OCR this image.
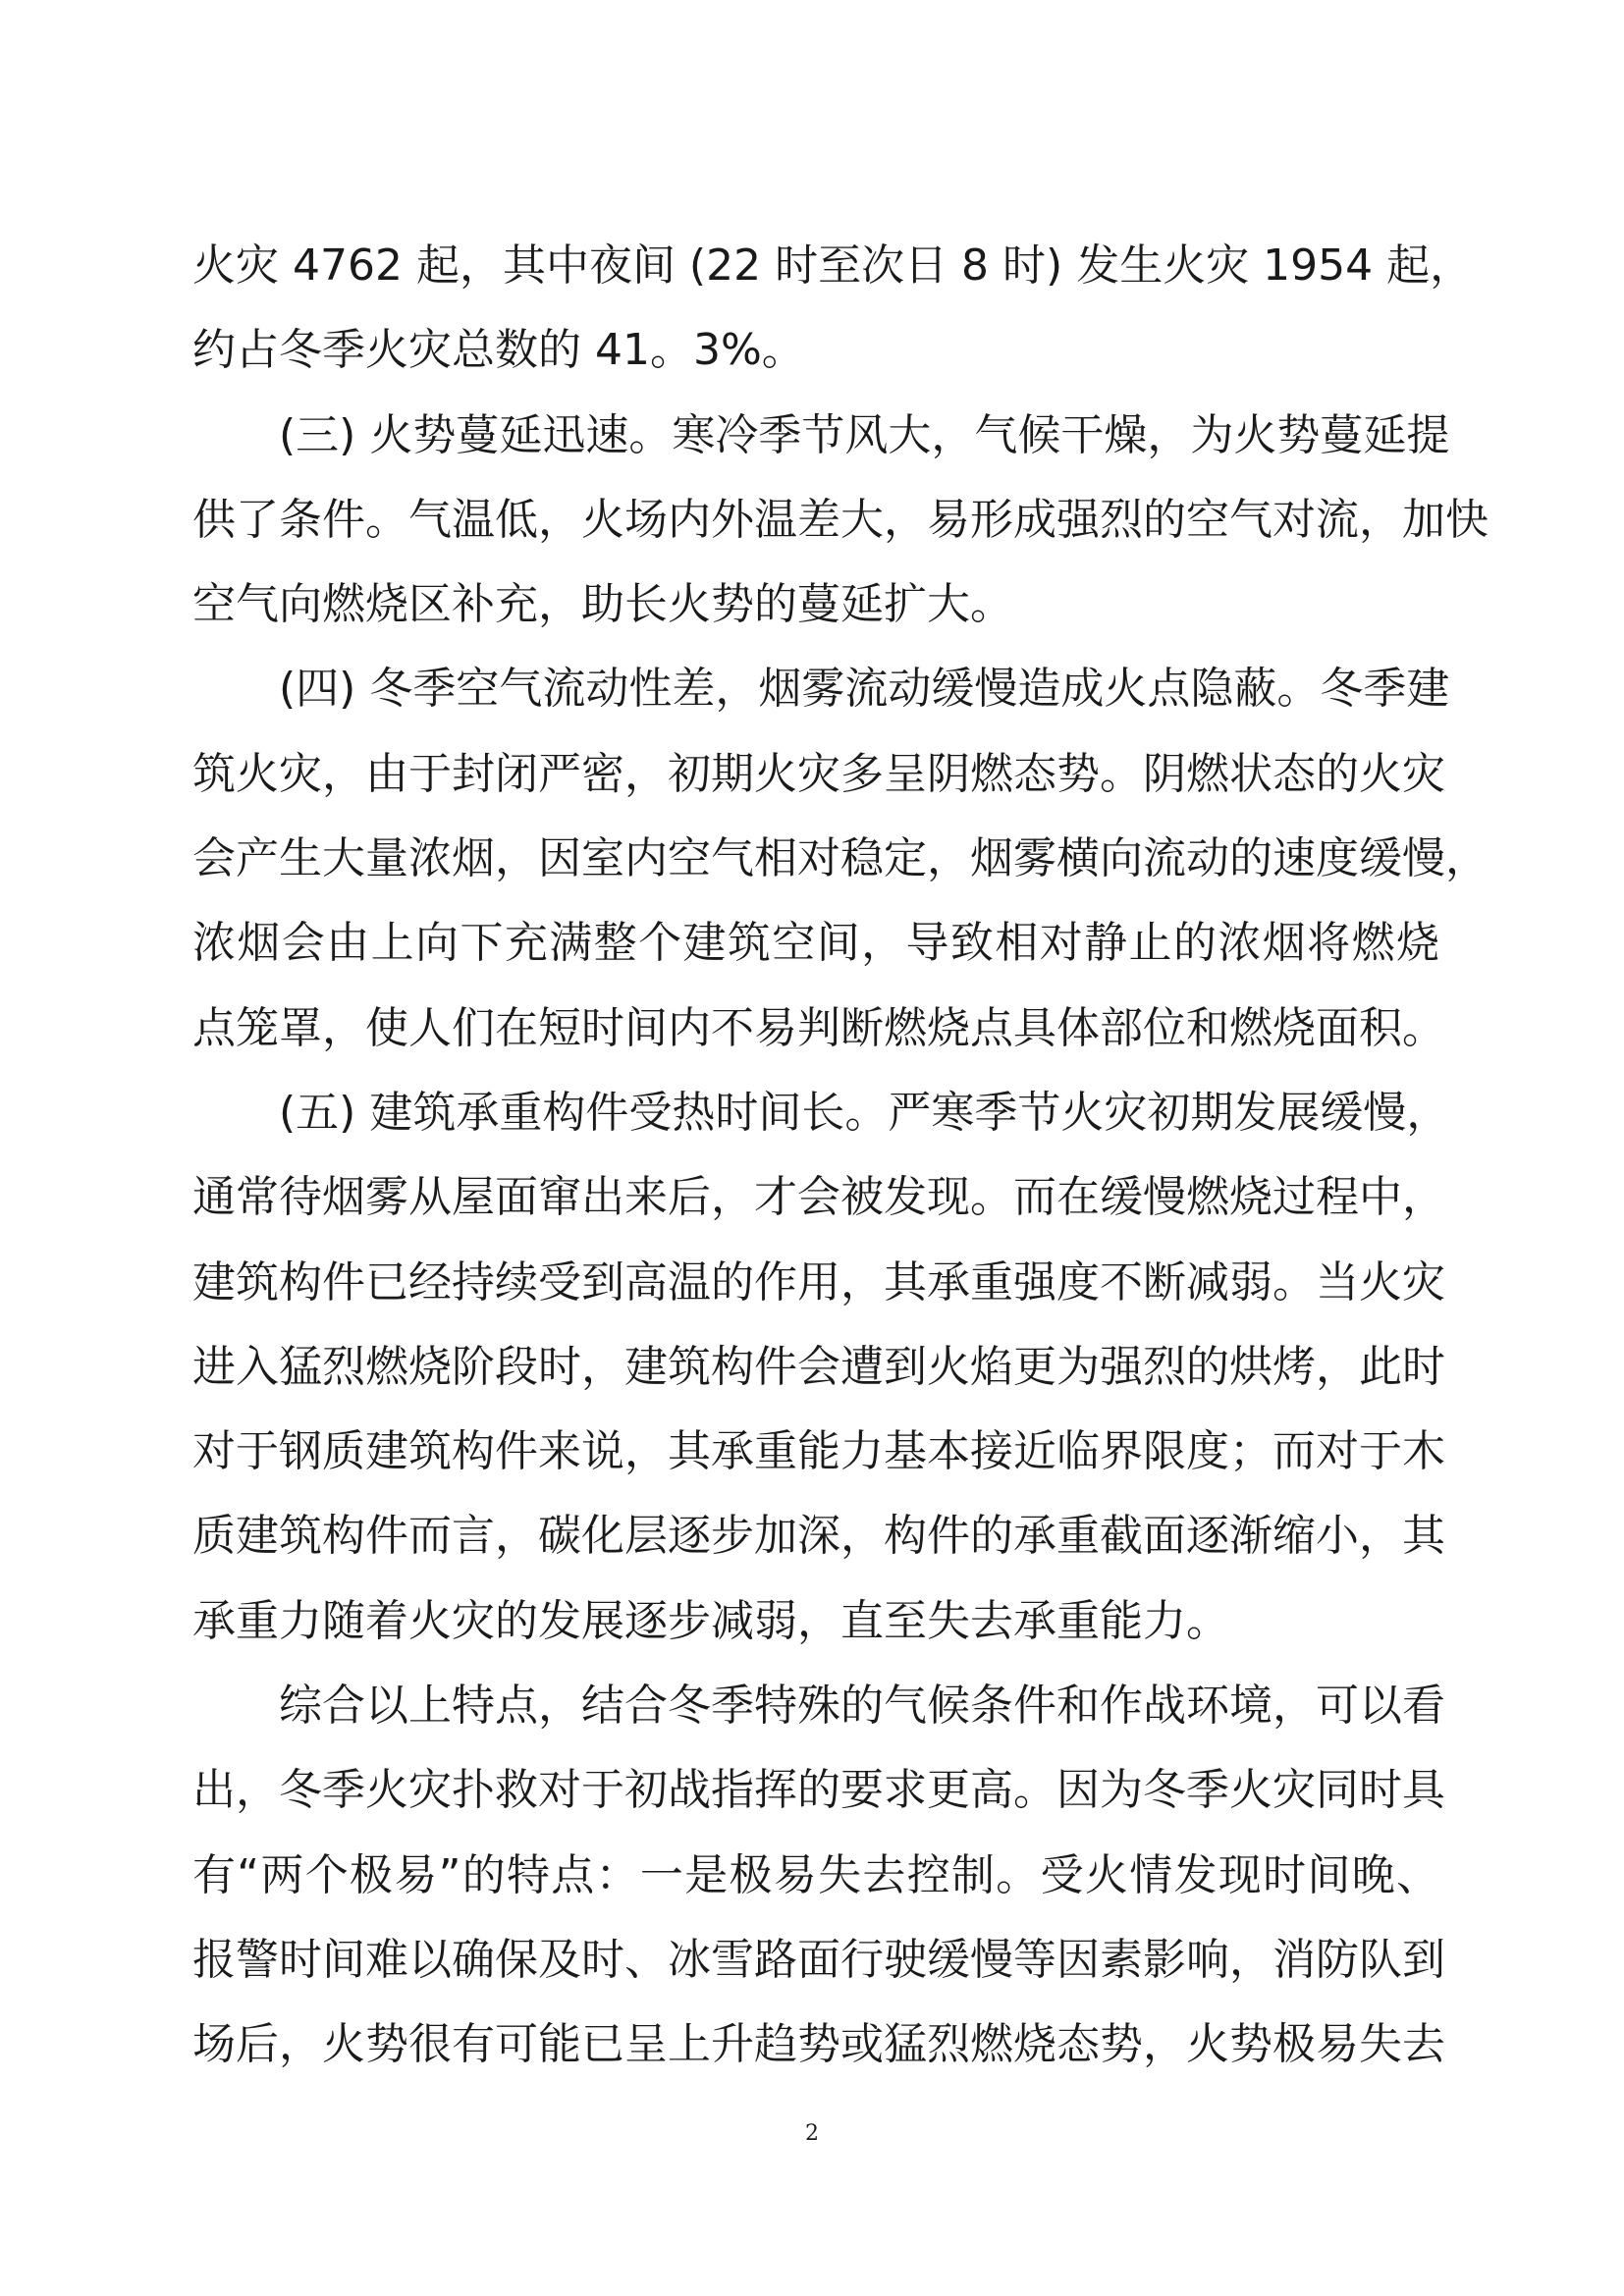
火灾 4762 起，其中夜间 (22 时至次日 8 时) 发生火灾 1954 起，
约占冬季火灾总数的 41。3%。
(三) 火势蔓延迅速。寒冷季节风大，气候干燥，为火势蔓延提
供了条件。气温低，火场内外温差大，易形成强烈的空气对流，加快
空气向燃烧区补充，助长火势的蔓延扩大。
(四) 冬季空气流动性差，烟雾流动缓慢造成火点隐蔽。冬季建
筑火灾，由于封闭严密，初期火灾多呈阴燃态势。阴燃状态的火灾
会产生大量浓烟，因室内空气相对稳定，烟雾横向流动的速度缓慢，
浓烟会由上向下充满整个建筑空间，导致相对静止的浓烟将燃烧
点笼罩，使人们在短时间内不易判断燃烧点具体部位和燃烧面积。
(五) 建筑承重构件受热时间长。严寒季节火灾初期发展缓慢，
通常待烟雾从屋面窜出来后，才会被发现。而在缓慢燃烧过程中，
建筑构件已经持续受到高温的作用，其承重强度不断减弱。当火灾
进入猛烈燃烧阶段时，建筑构件会遭到火焰更为强烈的烘烤，此时
对于钢质建筑构件来说，其承重能力基本接近临界限度；而对于木
质建筑构件而言，碳化层逐步加深，构件的承重截面逐渐缩小，其
承重力随着火灾的发展逐步减弱，直至失去承重能力。
综合以上特点，结合冬季特殊的气候条件和作战环境，可以看
出，冬季火灾扑救对于初战指挥的要求更高。因为冬季火灾同时具
有“两个极易”的特点：一是极易失去控制。受火情发现时间晚、
报警时间难以确保及时、冰雪路面行驶缓慢等因素影响，消防队到
场后，火势很有可能已呈上升趋势或猛烈燃烧态势，火势极易失去
2
